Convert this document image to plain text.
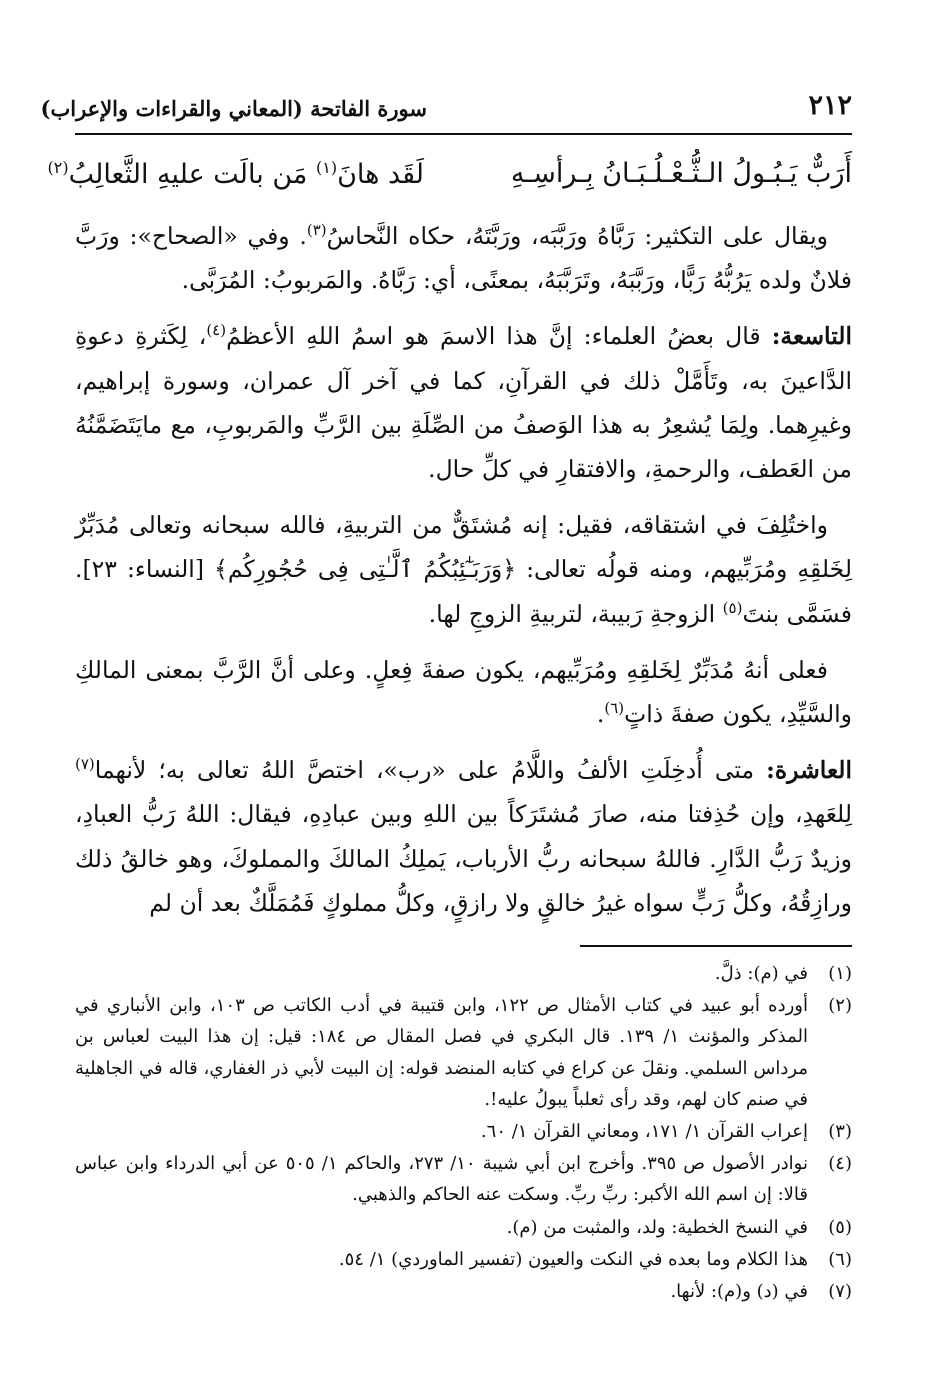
سورة الفاتحة (المعاني والقراءات والإعراب)	٢١٢
أَرَبٌّ يَـبُـولُ الـثُّـعْـلُـبَـانُ بِـرأسِـهِ
لَقَد هانَ$^{(١)}$ مَن بالَت عليهِ الثَّعالِبُ$^{(٢)}$

ويقال على التكثير: رَبَّاهُ ورَبَّبَه، ورَبَّتَهُ، حكاه النَّحاسُ$^{(٣)}$. وفي «الصحاح»: ورَبَّ فلانٌ ولده يَرُبُّهُ رَبًّا، ورَبَّبَهُ، وتَرَبَّبَهُ، بمعنًى، أي: رَبَّاهُ. والمَربوبُ: المُرَبَّى.

التاسعة: قال بعضُ العلماء: إنَّ هذا الاسمَ هو اسمُ اللهِ الأعظمُ$^{(٤)}$، لِكَثرةِ دعوةِ الدَّاعينَ به، وتَأَمَّلْ ذلك في القرآنِ، كما في آخر آل عمران، وسورة إبراهيم، وغيرِهما. ولِمَا يُشعِرُ به هذا الوَصفُ من الصِّلَةِ بين الرَّبِّ والمَربوبِ، مع مايَتَضَمَّنُهُ من العَطف، والرحمةِ، والافتقارِ في كلِّ حال.

واختُلِفَ في اشتقاقه، فقيل: إنه مُشتَقٌّ من التربيةِ، فالله سبحانه وتعالى مُدَبِّرٌ لِخَلقِهِ ومُرَبِّيهم، ومنه قولُه تعالى: ﴿وَرَبَـٰٓئِبُكُمُ ٱلَّـٰتِى فِى حُجُورِكُم﴾ [النساء: ٢٣]. فسَمَّى بنتَ$^{(٥)}$ الزوجةِ رَبيبة، لتربيةِ الزوجِ لها.

فعلى أنهُ مُدَبِّرٌ لِخَلقِهِ ومُرَبِّيهم، يكون صفةَ فِعلٍ. وعلى أنَّ الرَّبَّ بمعنى المالكِ والسَّيِّدِ، يكون صفةَ ذاتٍ$^{(٦)}$.

العاشرة: متى أُدخِلَتِ الألفُ واللَّامُ على «رب»، اختصَّ اللهُ تعالى به؛ لأنهما$^{(٧)}$ لِلعَهدِ، وإن حُذِفتا منه، صارَ مُشتَرَكاً بين اللهِ وبين عبادِهِ، فيقال: اللهُ رَبُّ العبادِ، وزيدٌ رَبُّ الدَّارِ. فاللهُ سبحانه ربُّ الأرباب، يَملِكُ المالكَ والمملوكَ، وهو خالقُ ذلك ورازِقُهُ، وكلُّ رَبٍّ سواه غيرُ خالقٍ ولا رازقٍ، وكلُّ مملوكٍ فَمُمَلَّكٌ بعد أن لم

(١)
في (م): ذلَّ.
(٢)
أورده أبو عبيد في كتاب الأمثال ص ١٢٢، وابن قتيبة في أدب الكاتب ص ١٠٣، وابن الأنباري في المذكر والمؤنث ١/ ١٣٩. قال البكري في فصل المقال ص ١٨٤: قيل: إن هذا البيت لعباس بن مرداس السلمي. ونقلَ عن كراع في كتابه المنضد قوله: إن البيت لأبي ذر الغفاري، قاله في الجاهلية في صنم كان لهم، وقد رأى ثعلباً يبولُ عليه!.
(٣)
إعراب القرآن ١/ ١٧١، ومعاني القرآن ١/ ٦٠.
(٤)
نوادر الأصول ص ٣٩٥. وأخرج ابن أبي شيبة ١٠/ ٢٧٣، والحاكم ١/ ٥٠٥ عن أبي الدرداء وابن عباس قالا: إن اسم الله الأكبر: ربِّ ربِّ. وسكت عنه الحاكم والذهبي.
(٥)
في النسخ الخطية: ولد، والمثبت من (م).
(٦)
هذا الكلام وما بعده في النكت والعيون (تفسير الماوردي) ١/ ٥٤.
(٧)
في (د) و(م): لأنها.
